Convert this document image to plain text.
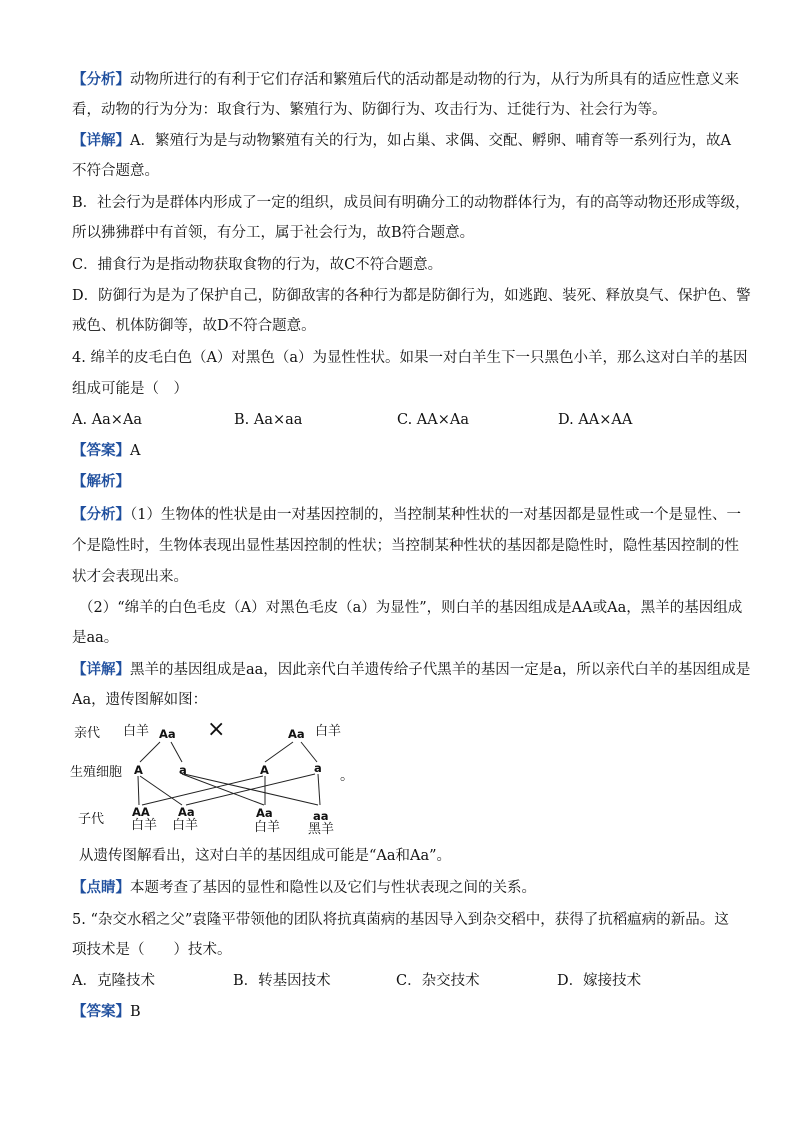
【分析】动物所进行的有利于它们存活和繁殖后代的活动都是动物的行为，从行为所具有的适应性意义来
看，动物的行为分为：取食行为、繁殖行为、防御行为、攻击行为、迁徙行为、社会行为等。
【详解】A．繁殖行为是与动物繁殖有关的行为，如占巢、求偶、交配、孵卵、哺育等一系列行为，故A
不符合题意。
B．社会行为是群体内形成了一定的组织，成员间有明确分工的动物群体行为，有的高等动物还形成等级，
所以狒狒群中有首领，有分工，属于社会行为，故B符合题意。
C．捕食行为是指动物获取食物的行为，故C不符合题意。
D．防御行为是为了保护自己，防御敌害的各种行为都是防御行为，如逃跑、装死、释放臭气、保护色、警
戒色、机体防御等，故D不符合题意。
4. 绵羊的皮毛白色（A）对黑色（a）为显性性状。如果一对白羊生下一只黑色小羊，那么这对白羊的基因
组成可能是（　）
A. Aa×Aa	B. Aa×aa	C. AA×Aa	D. AA×AA
【答案】A
【解析】
【分析】（1）生物体的性状是由一对基因控制的，当控制某种性状的一对基因都是显性或一个是显性、一
个是隐性时，生物体表现出显性基因控制的性状；当控制某种性状的基因都是隐性时，隐性基因控制的性
状才会表现出来。
（2）“绵羊的白色毛皮（A）对黑色毛皮（a）为显性”，则白羊的基因组成是AA或Aa，黑羊的基因组成
是aa。
【详解】黑羊的基因组成是aa，因此亲代白羊遗传给子代黑羊的基因一定是a，所以亲代白羊的基因组成是
Aa，遗传图解如图：
亲代
生殖细胞
子代
白羊	白羊
白羊 白羊	白羊 黑羊
Aa	Aa
A	a	A	a
AA Aa	Aa	aa
×
。
从遗传图解看出，这对白羊的基因组成可能是“Aa和Aa”。
【点睛】本题考查了基因的显性和隐性以及它们与性状表现之间的关系。
5. “杂交水稻之父”袁隆平带领他的团队将抗真菌病的基因导入到杂交稻中，获得了抗稻瘟病的新品。这
项技术是（　　）技术。
A．克隆技术	B．转基因技术	C．杂交技术	D．嫁接技术
【答案】B
